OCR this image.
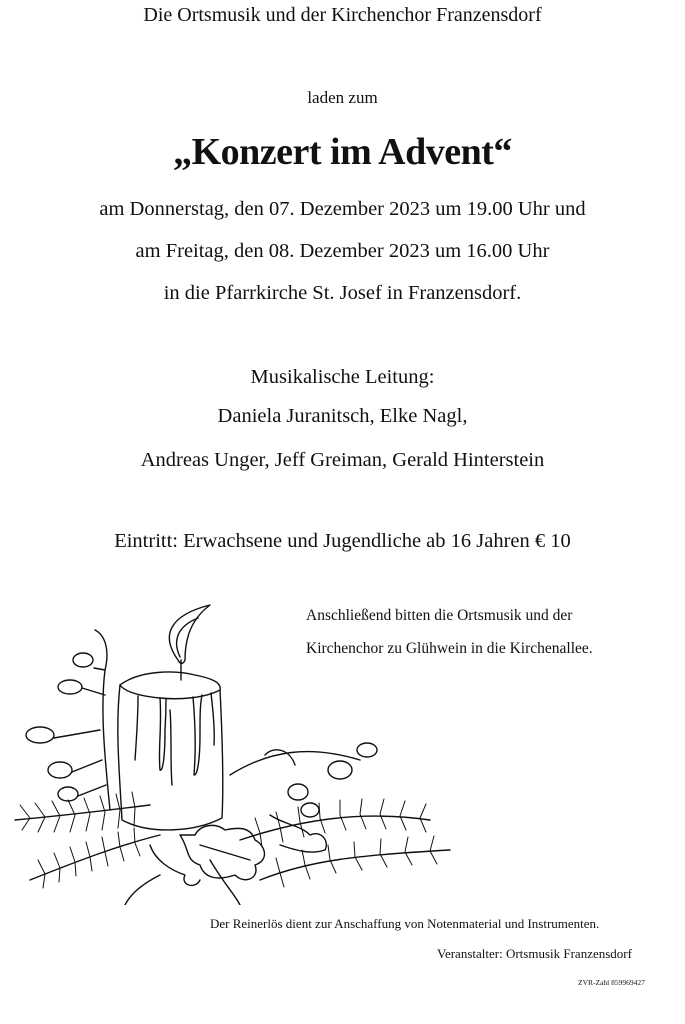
Die Ortsmusik und der Kirchenchor Franzensdorf
laden zum
„Konzert im Advent“
am Donnerstag, den 07. Dezember 2023 um 19.00 Uhr und
am Freitag, den 08. Dezember 2023 um 16.00 Uhr
in die Pfarrkirche St. Josef in Franzensdorf.
Musikalische Leitung:
Daniela Juranitsch, Elke Nagl,
Andreas Unger, Jeff Greiman, Gerald Hinterstein
Eintritt: Erwachsene und Jugendliche ab 16 Jahren € 10
Anschließend bitten die Ortsmusik und der
Kirchenchor zu Glühwein in die Kirchenallee.
Der Reinerlös dient zur Anschaffung von Notenmaterial und Instrumenten.
Veranstalter: Ortsmusik Franzensdorf
ZVR-Zahl 859969427
